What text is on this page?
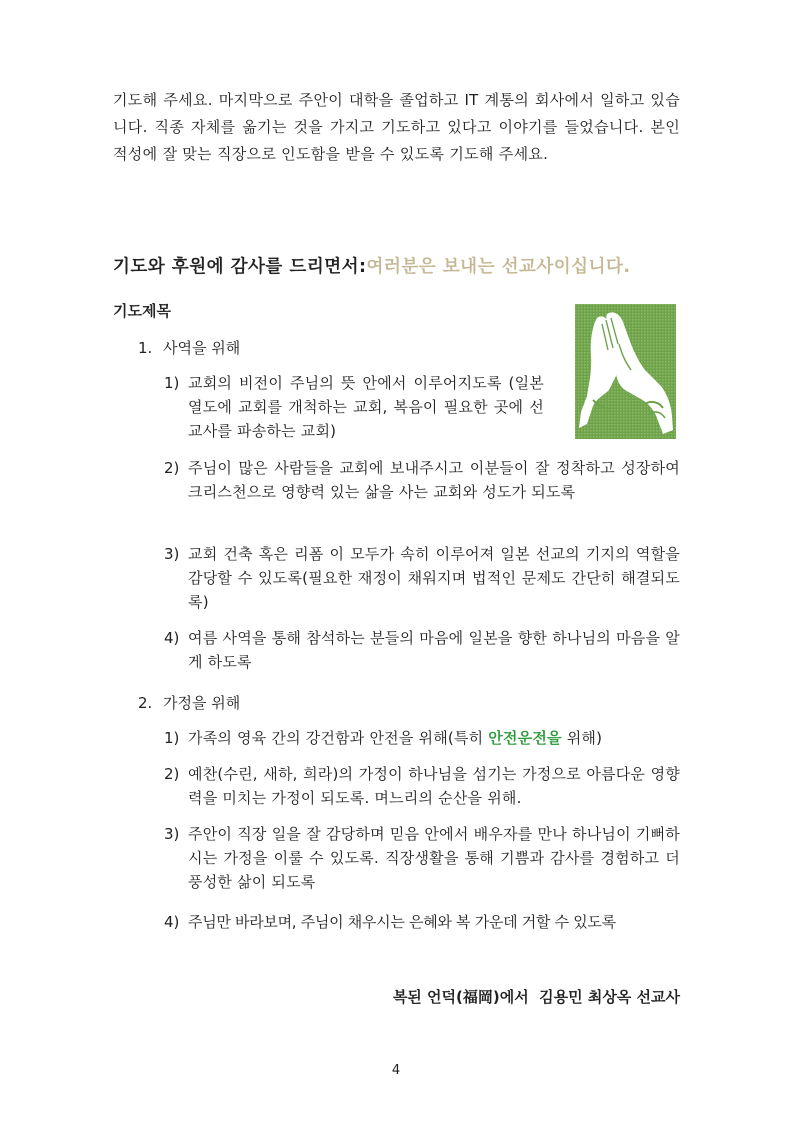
기도해 주세요. 마지막으로 주안이 대학을 졸업하고 IT 계통의 회사에서 일하고 있습니다. 직종 자체를 옮기는 것을 가지고 기도하고 있다고 이야기를 들었습니다. 본인 적성에 잘 맞는 직장으로 인도함을 받을 수 있도록 기도해 주세요.

기도와 후원에 감사를 드리면서:여러분은 보내는 선교사이십니다.
기도제목
1. 사역을 위해
1) 교회의 비전이 주님의 뜻 안에서 이루어지도록 (일본 열도에 교회를 개척하는 교회, 복음이 필요한 곳에 선교사를 파송하는 교회)
2) 주님이 많은 사람들을 교회에 보내주시고 이분들이 잘 정착하고 성장하여 크리스천으로 영향력 있는 삶을 사는 교회와 성도가 되도록
3) 교회 건축 혹은 리폼 이 모두가 속히 이루어져 일본 선교의 기지의 역할을 감당할 수 있도록(필요한 재정이 채워지며 법적인 문제도 간단히 해결되도록)
4) 여름 사역을 통해 참석하는 분들의 마음에 일본을 향한 하나님의 마음을 알게 하도록
2. 가정을 위해
1) 가족의 영육 간의 강건함과 안전을 위해(특히 안전운전을 위해)
2) 예찬(수린, 새하, 희라)의 가정이 하나님을 섬기는 가정으로 아름다운 영향력을 미치는 가정이 되도록. 며느리의 순산을 위해.
3) 주안이 직장 일을 잘 감당하며 믿음 안에서 배우자를 만나 하나님이 기뻐하시는 가정을 이룰 수 있도록. 직장생활을 통해 기쁨과 감사를 경험하고 더 풍성한 삶이 되도록
4) 주님만 바라보며, 주님이 채우시는 은혜와 복 가운데 거할 수 있도록
복된 언덕(福岡)에서  김용민 최상옥 선교사
4
